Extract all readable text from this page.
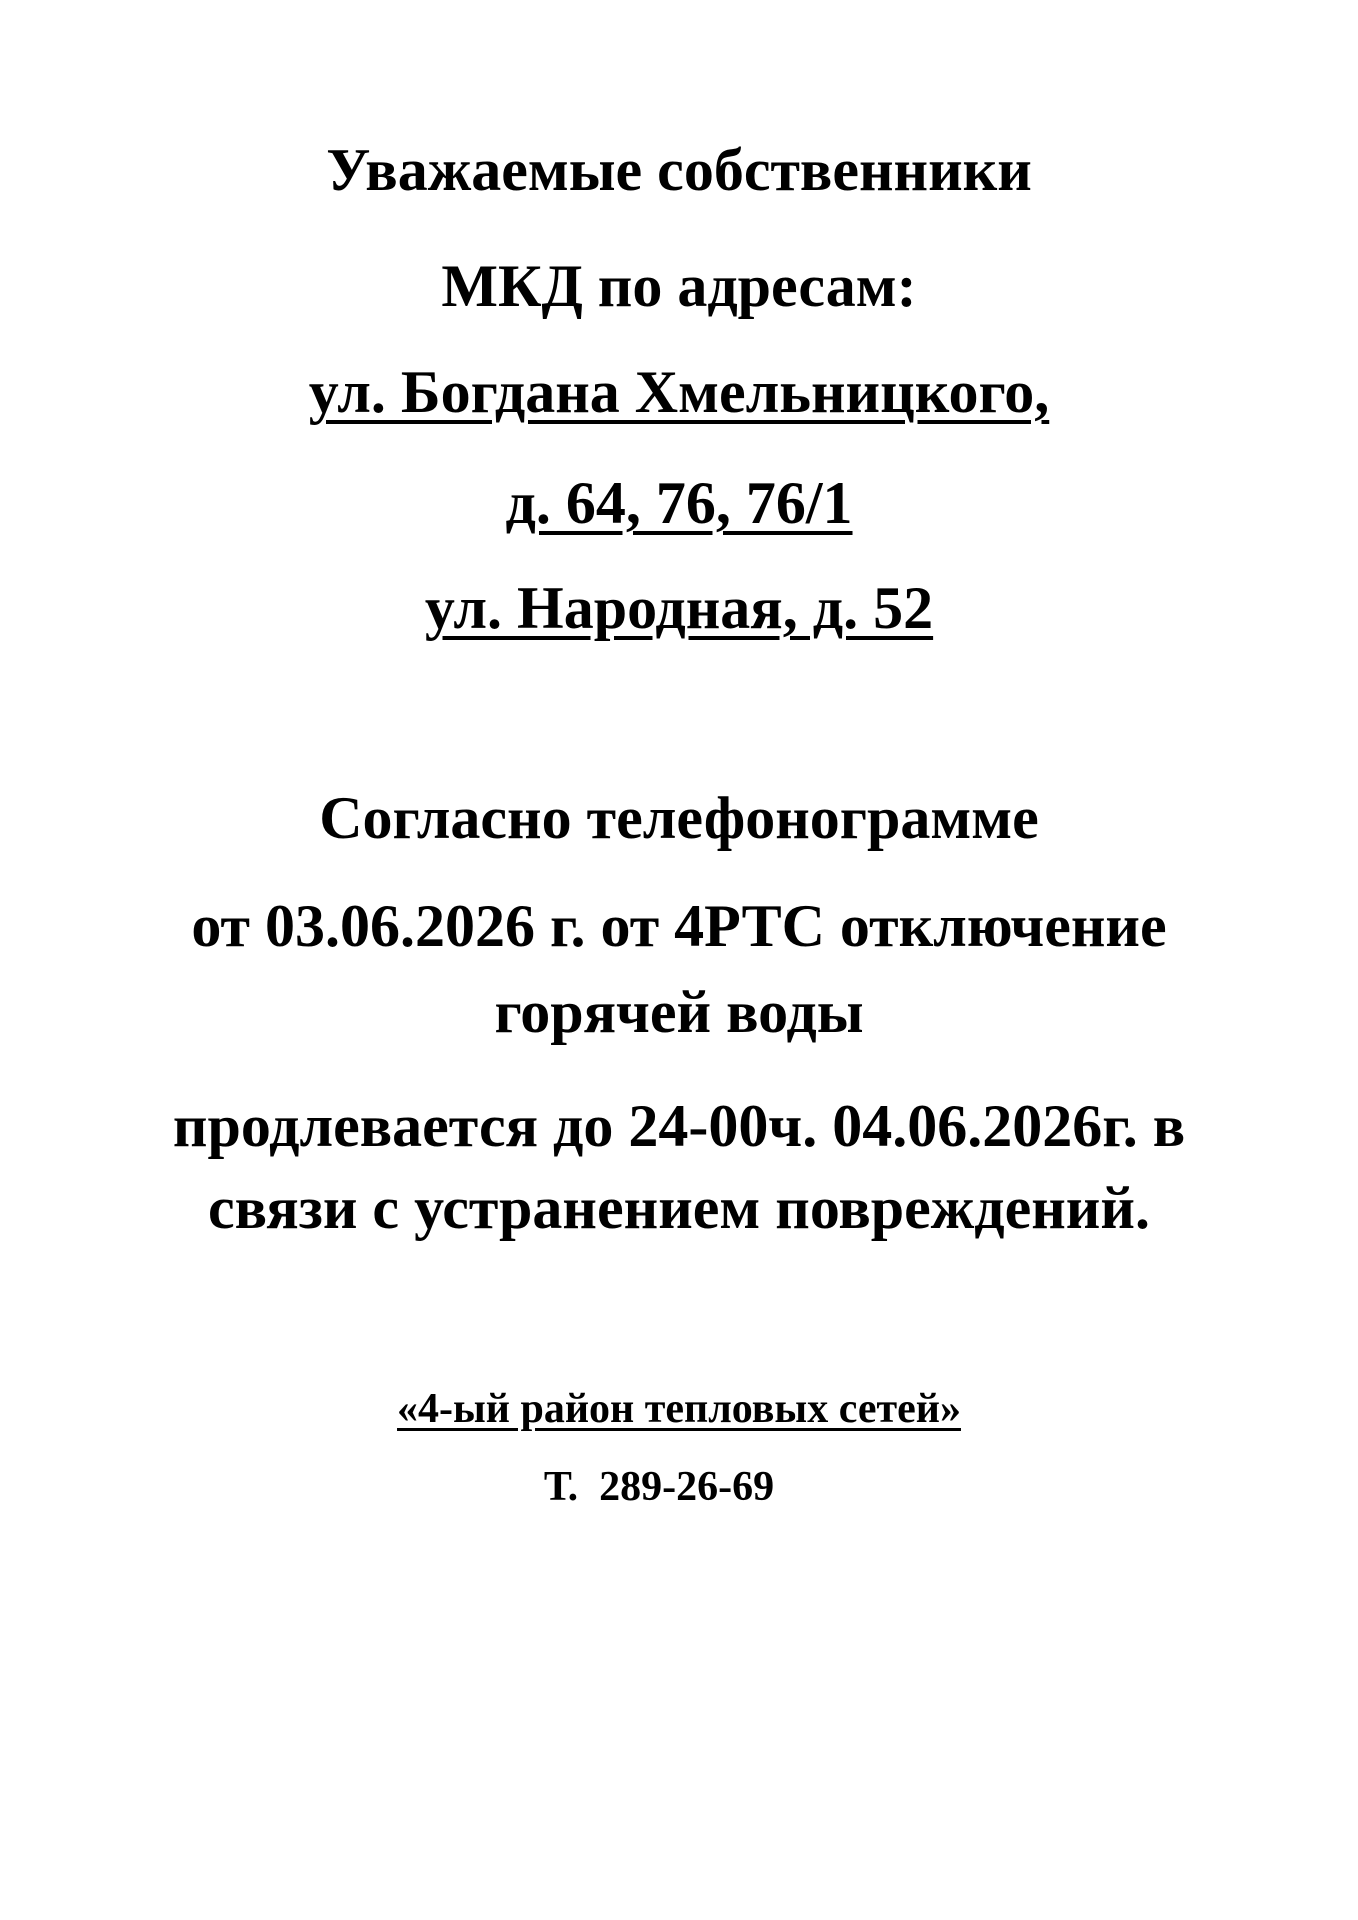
Уважаемые собственники
МКД по адресам:
ул. Богдана Хмельницкого,
д. 64, 76, 76/1
ул. Народная, д. 52
Согласно телефонограмме
от 03.06.2026 г. от 4РТС отключение
горячей воды
продлевается до 24-00ч. 04.06.2026г. в
связи с устранением повреждений.
«4-ый район тепловых сетей»
Т.  289-26-69
